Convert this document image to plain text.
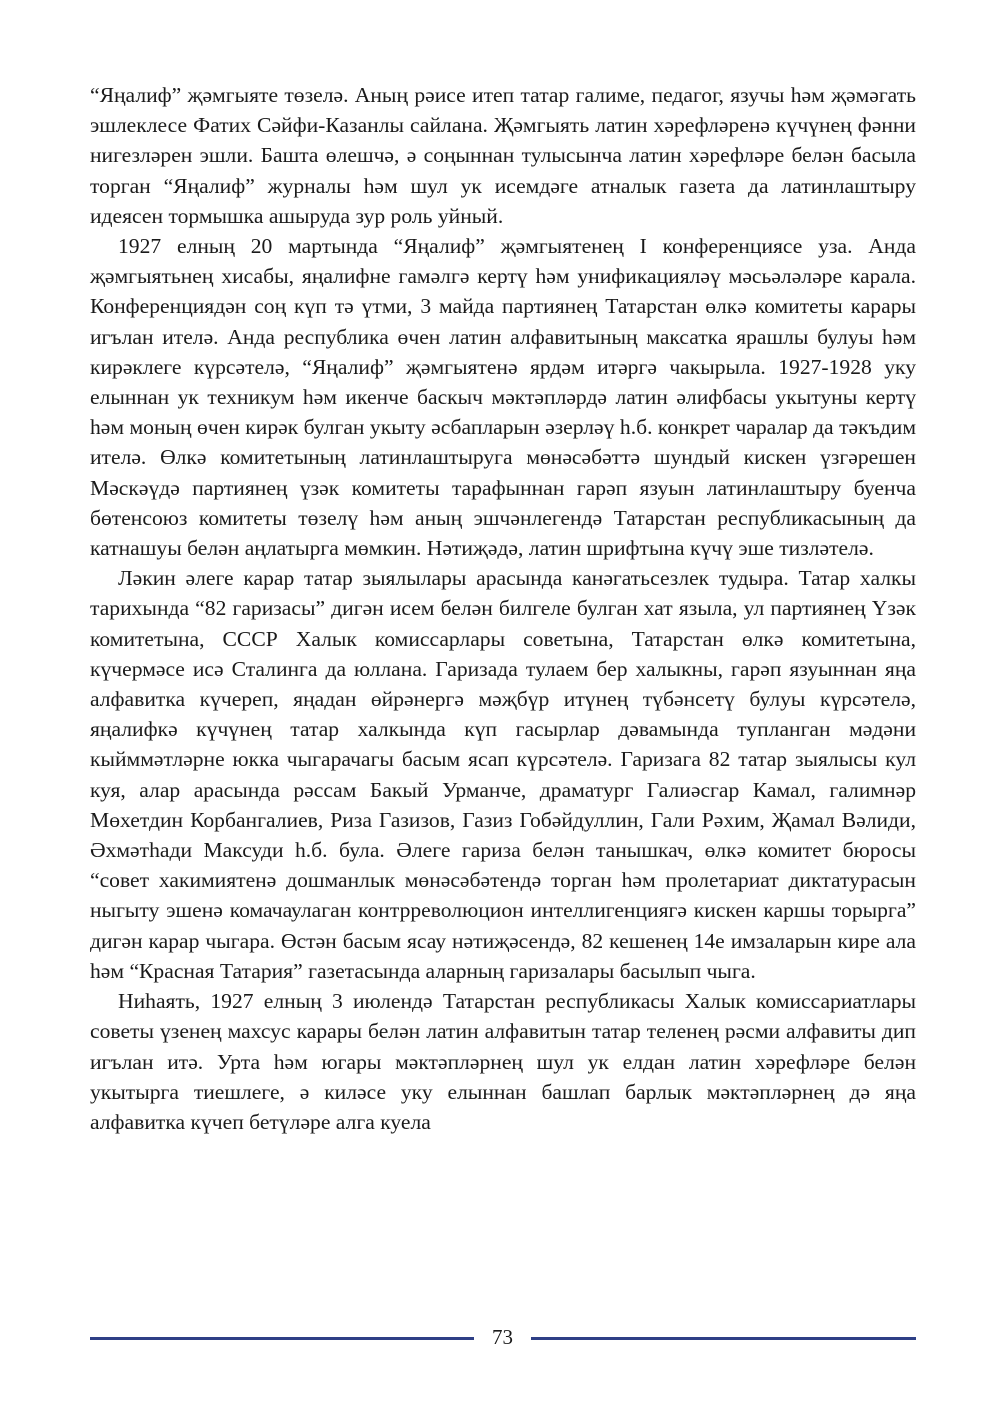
“Яңалиф” җәмгыяте төзелә. Аның рәисе итеп татар галиме, педагог, язучы һәм җәмәгать эшлеклесе Фатих Сәйфи-Казанлы сайлана. Җәмгыять латин хәрефләренә күчүнең фәнни нигезләрен эшли. Башта өлешчә, ә соңыннан тулысынча латин хәрефләре белән басыла торган “Яңалиф” журналы һәм шул ук исемдәге атналык газета да латинлаштыру идеясен тормышка ашыруда зур роль уйный.

1927 елның 20 мартында “Яңалиф” җәмгыятенең I конференциясе уза. Анда җәмгыятьнең хисабы, яңалифне гамәлгә кертү һәм унификацияләү мәсьәләләре карала. Конференциядән соң күп тә үтми, 3 майда партиянең Татарстан өлкә комитеты карары игълан ителә. Анда республика өчен латин алфавитының максатка ярашлы булуы һәм кирәклеге күрсәтелә, “Яңалиф” җәмгыятенә ярдәм итәргә чакырыла. 1927-1928 уку елыннан ук техникум һәм икенче баскыч мәктәпләрдә латин әлифбасы укытуны кертү һәм моның өчен кирәк булган укыту әсбапларын әзерләү һ.б. конкрет чаралар да тәкъдим ителә. Өлкә комитетының латинлаштыруга мөнәсәбәттә шундый кискен үзгәрешен Мәскәүдә партиянең үзәк комитеты тарафыннан гарәп язуын латинлаштыру буенча бөтенсоюз комитеты төзелү һәм аның эшчәнлегендә Татарстан республикасының да катнашуы белән аңлатырга мөмкин. Нәтиҗәдә, латин шрифтына күчү эше тизләтелә.

Ләкин әлеге карар татар зыялылары арасында канәгатьсезлек тудыра. Татар халкы тарихында “82 гаризасы” дигән исем белән билгеле булган хат языла, ул партиянең Үзәк комитетына, СССР Халык комиссарлары советына, Татарстан өлкә комитетына, күчермәсе исә Сталинга да юллана. Гаризада тулаем бер халыкны, гарәп язуыннан яңа алфавитка күчереп, яңадан өйрәнергә мәҗбүр итүнең түбәнсетү булуы күрсәтелә, яңалифкә күчүнең татар халкында күп гасырлар дәвамында тупланган мәдәни кыйммәтләрне юкка чыгарачагы басым ясап күрсәтелә. Гаризага 82 татар зыялысы кул куя, алар арасында рәссам Бакый Урманче, драматург Галиәсгар Камал, галимнәр Мөхетдин Корбангалиев, Риза Газизов, Газиз Гобәйдуллин, Гали Рәхим, Җамал Вәлиди, Әхмәтһади Максуди һ.б. була. Әлеге гариза белән танышкач, өлкә комитет бюросы “совет хакимиятенә дошманлык мөнәсәбәтендә торган һәм пролетариат диктатурасын ныгыту эшенә комачаулаган контрреволюцион интеллигенциягә кискен каршы торырга” дигән карар чыгара. Өстән басым ясау нәтиҗәсендә, 82 кешенең 14е имзаларын кире ала һәм “Красная Татария” газетасында аларның гаризалары басылып чыга.

Ниһаять, 1927 елның 3 июлендә Татарстан республикасы Халык комиссариатлары советы үзенең махсус карары белән латин алфавитын татар теленең рәсми алфавиты дип игълан итә. Урта һәм югары мәктәпләрнең шул ук елдан латин хәрефләре белән укытырга тиешлеге, ә киләсе уку елыннан башлап барлык мәктәпләрнең дә яңа алфавитка күчеп бетүләре алга куела

73
